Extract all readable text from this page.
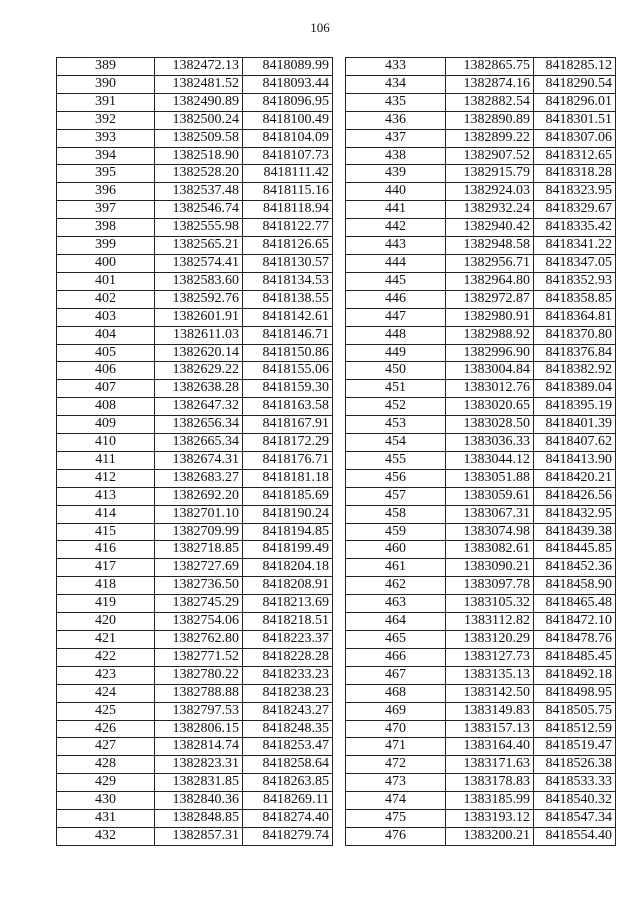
106
389	1382472.13	8418089.99
390	1382481.52	8418093.44
391	1382490.89	8418096.95
392	1382500.24	8418100.49
393	1382509.58	8418104.09
394	1382518.90	8418107.73
395	1382528.20	8418111.42
396	1382537.48	8418115.16
397	1382546.74	8418118.94
398	1382555.98	8418122.77
399	1382565.21	8418126.65
400	1382574.41	8418130.57
401	1382583.60	8418134.53
402	1382592.76	8418138.55
403	1382601.91	8418142.61
404	1382611.03	8418146.71
405	1382620.14	8418150.86
406	1382629.22	8418155.06
407	1382638.28	8418159.30
408	1382647.32	8418163.58
409	1382656.34	8418167.91
410	1382665.34	8418172.29
411	1382674.31	8418176.71
412	1382683.27	8418181.18
413	1382692.20	8418185.69
414	1382701.10	8418190.24
415	1382709.99	8418194.85
416	1382718.85	8418199.49
417	1382727.69	8418204.18
418	1382736.50	8418208.91
419	1382745.29	8418213.69
420	1382754.06	8418218.51
421	1382762.80	8418223.37
422	1382771.52	8418228.28
423	1382780.22	8418233.23
424	1382788.88	8418238.23
425	1382797.53	8418243.27
426	1382806.15	8418248.35
427	1382814.74	8418253.47
428	1382823.31	8418258.64
429	1382831.85	8418263.85
430	1382840.36	8418269.11
431	1382848.85	8418274.40
432	1382857.31	8418279.74
433	1382865.75	8418285.12
434	1382874.16	8418290.54
435	1382882.54	8418296.01
436	1382890.89	8418301.51
437	1382899.22	8418307.06
438	1382907.52	8418312.65
439	1382915.79	8418318.28
440	1382924.03	8418323.95
441	1382932.24	8418329.67
442	1382940.42	8418335.42
443	1382948.58	8418341.22
444	1382956.71	8418347.05
445	1382964.80	8418352.93
446	1382972.87	8418358.85
447	1382980.91	8418364.81
448	1382988.92	8418370.80
449	1382996.90	8418376.84
450	1383004.84	8418382.92
451	1383012.76	8418389.04
452	1383020.65	8418395.19
453	1383028.50	8418401.39
454	1383036.33	8418407.62
455	1383044.12	8418413.90
456	1383051.88	8418420.21
457	1383059.61	8418426.56
458	1383067.31	8418432.95
459	1383074.98	8418439.38
460	1383082.61	8418445.85
461	1383090.21	8418452.36
462	1383097.78	8418458.90
463	1383105.32	8418465.48
464	1383112.82	8418472.10
465	1383120.29	8418478.76
466	1383127.73	8418485.45
467	1383135.13	8418492.18
468	1383142.50	8418498.95
469	1383149.83	8418505.75
470	1383157.13	8418512.59
471	1383164.40	8418519.47
472	1383171.63	8418526.38
473	1383178.83	8418533.33
474	1383185.99	8418540.32
475	1383193.12	8418547.34
476	1383200.21	8418554.40
